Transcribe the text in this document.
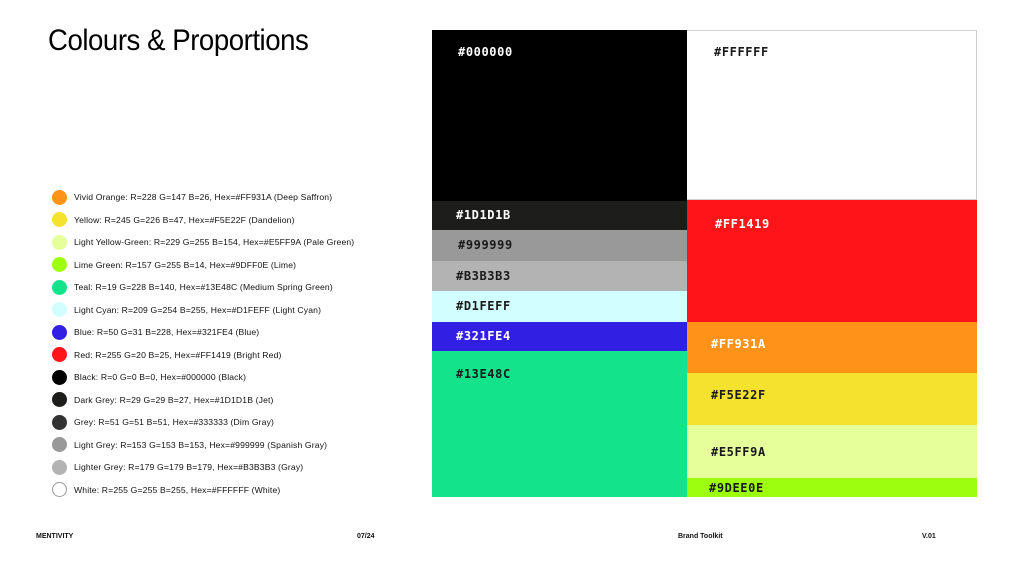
Colours & Proportions
Vivid Orange: R=228 G=147 B=26, Hex=#FF931A (Deep Saffron)
Yellow: R=245 G=226 B=47, Hex=#F5E22F (Dandelion)
Light Yellow-Green: R=229 G=255 B=154, Hex=#E5FF9A (Pale Green)
Lime Green: R=157 G=255 B=14, Hex=#9DFF0E (Lime)
Teal: R=19 G=228 B=140, Hex=#13E48C (Medium Spring Green)
Light Cyan: R=209 G=254 B=255, Hex=#D1FEFF (Light Cyan)
Blue: R=50 G=31 B=228, Hex=#321FE4 (Blue)
Red: R=255 G=20 B=25, Hex=#FF1419 (Bright Red)
Black: R=0 G=0 B=0, Hex=#000000 (Black)
Dark Grey: R=29 G=29 B=27, Hex=#1D1D1B (Jet)
Grey: R=51 G=51 B=51, Hex=#333333 (Dim Gray)
Light Grey: R=153 G=153 B=153, Hex=#999999 (Spanish Gray)
Lighter Grey: R=179 G=179 B=179, Hex=#B3B3B3 (Gray)
White: R=255 G=255 B=255, Hex=#FFFFFF (White)
#000000
#1D1D1B
#999999
#B3B3B3
#D1FEFF
#321FE4
#13E48C
#FFFFFF
#FF1419
#FF931A
#F5E22F
#E5FF9A
#9DEE0E
MENTIVITY	07/24	Brand Toolkit	V.01
